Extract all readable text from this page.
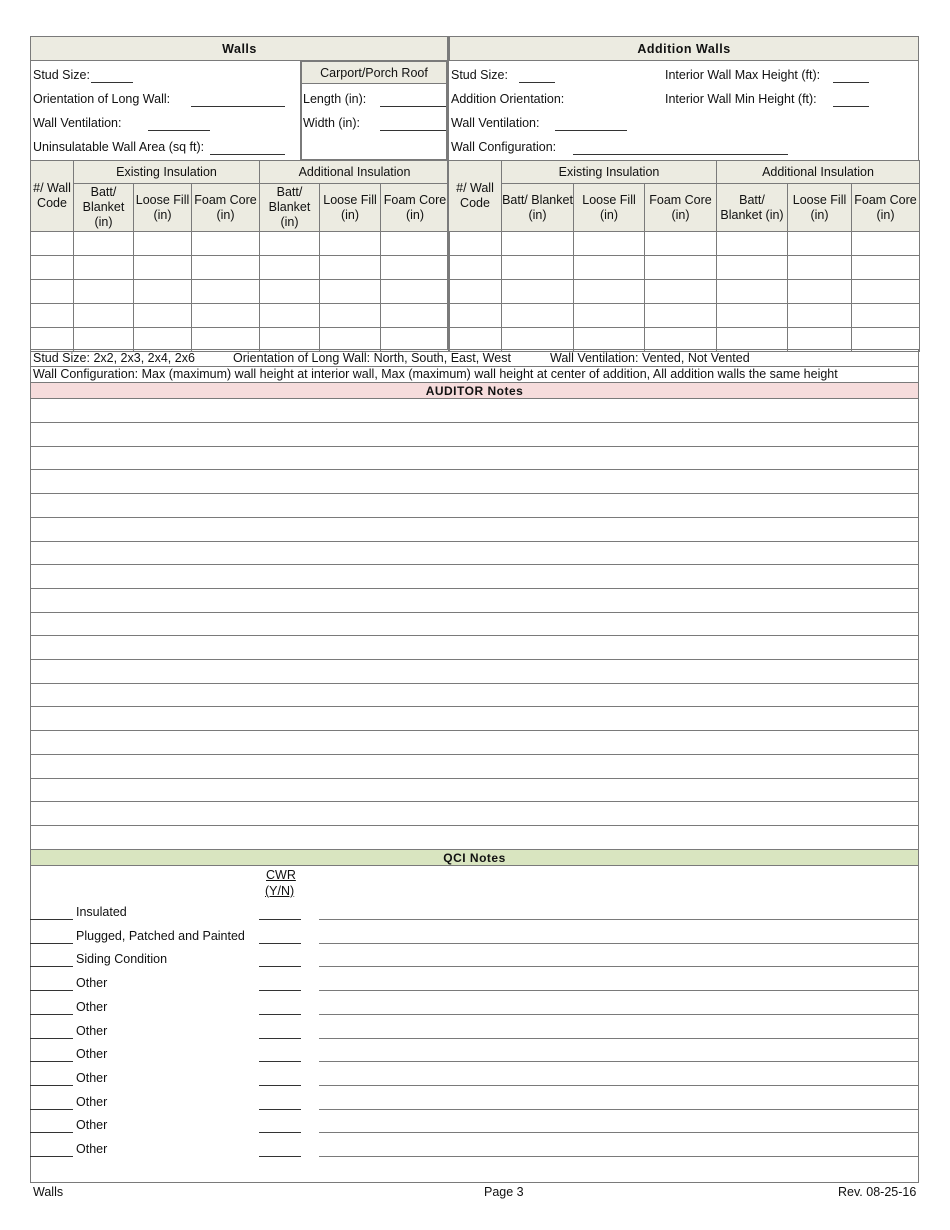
Walls	Addition Walls
Stud Size:
Orientation of Long Wall:
Wall Ventilation:
Uninsulatable Wall Area (sq ft):
Carport/Porch Roof
Length (in):
Width (in):
Stud Size:	Interior Wall Max Height (ft):
Addition Orientation:	Interior Wall Min Height (ft):
Wall Ventilation:
Wall Configuration:
#/ Wall Code	Existing Insulation			Additional Insulation		
	Batt/ Blanket (in)	Loose Fill (in)	Foam Core (in)	Batt/ Blanket (in)	Loose Fill (in)	Foam Core (in)

#/ Wall Code	Existing Insulation			Additional Insulation		
	Batt/ Blanket (in)	Loose Fill (in)	Foam Core (in)	Batt/ Blanket (in)	Loose Fill (in)	Foam Core (in)

Stud Size: 2x2, 2x3, 2x4, 2x6	Orientation of Long Wall: North, South, East, West	Wall Ventilation: Vented, Not Vented
Wall Configuration: Max (maximum) wall height at interior wall, Max (maximum) wall height at center of addition, All addition walls the same height
AUDITOR Notes
QCI Notes
CWR
(Y/N)
Insulated
Plugged, Patched and Painted
Siding Condition
Other
Other
Other
Other
Other
Other
Other
Other
Walls	Page 3	Rev. 08-25-16
